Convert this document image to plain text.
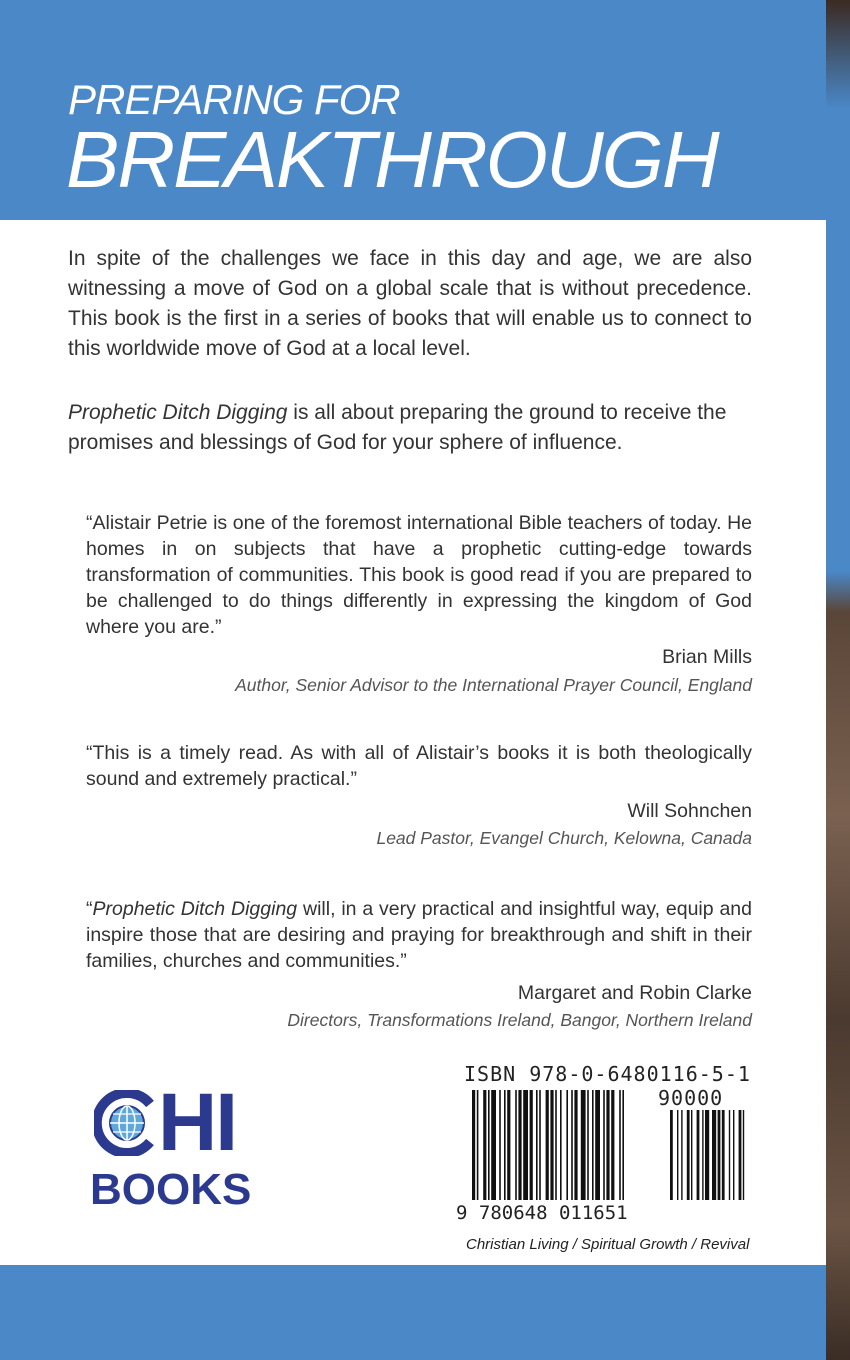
PREPARING FOR
BREAKTHROUGH

In spite of the challenges we face in this day and age, we are also witnessing a move of God on a global scale that is without precedence. This book is the first in a series of books that will enable us to connect to this worldwide move of God at a local level.

Prophetic Ditch Digging is all about preparing the ground to receive the promises and blessings of God for your sphere of influence.

“Alistair Petrie is one of the foremost international Bible teachers of today. He homes in on subjects that have a prophetic cutting-edge towards transformation of communities. This book is good read if you are prepared to be challenged to do things differently in expressing the kingdom of God where you are.”

Brian Mills
Author, Senior Advisor to the International Prayer Council, England

“This is a timely read. As with all of Alistair’s books it is both theologically sound and extremely practical.”

Will Sohnchen
Lead Pastor, Evangel Church, Kelowna, Canada

“Prophetic Ditch Digging will, in a very practical and insightful way, equip and inspire those that are desiring and praying for breakthrough and shift in their families, churches and communities.”

Margaret and Robin Clarke
Directors, Transformations Ireland, Bangor, Northern Ireland
HI
BOOKS
ISBN 978-0-6480116-5-1
90000
9 780648 011651
Christian Living / Spiritual Growth / Revival
